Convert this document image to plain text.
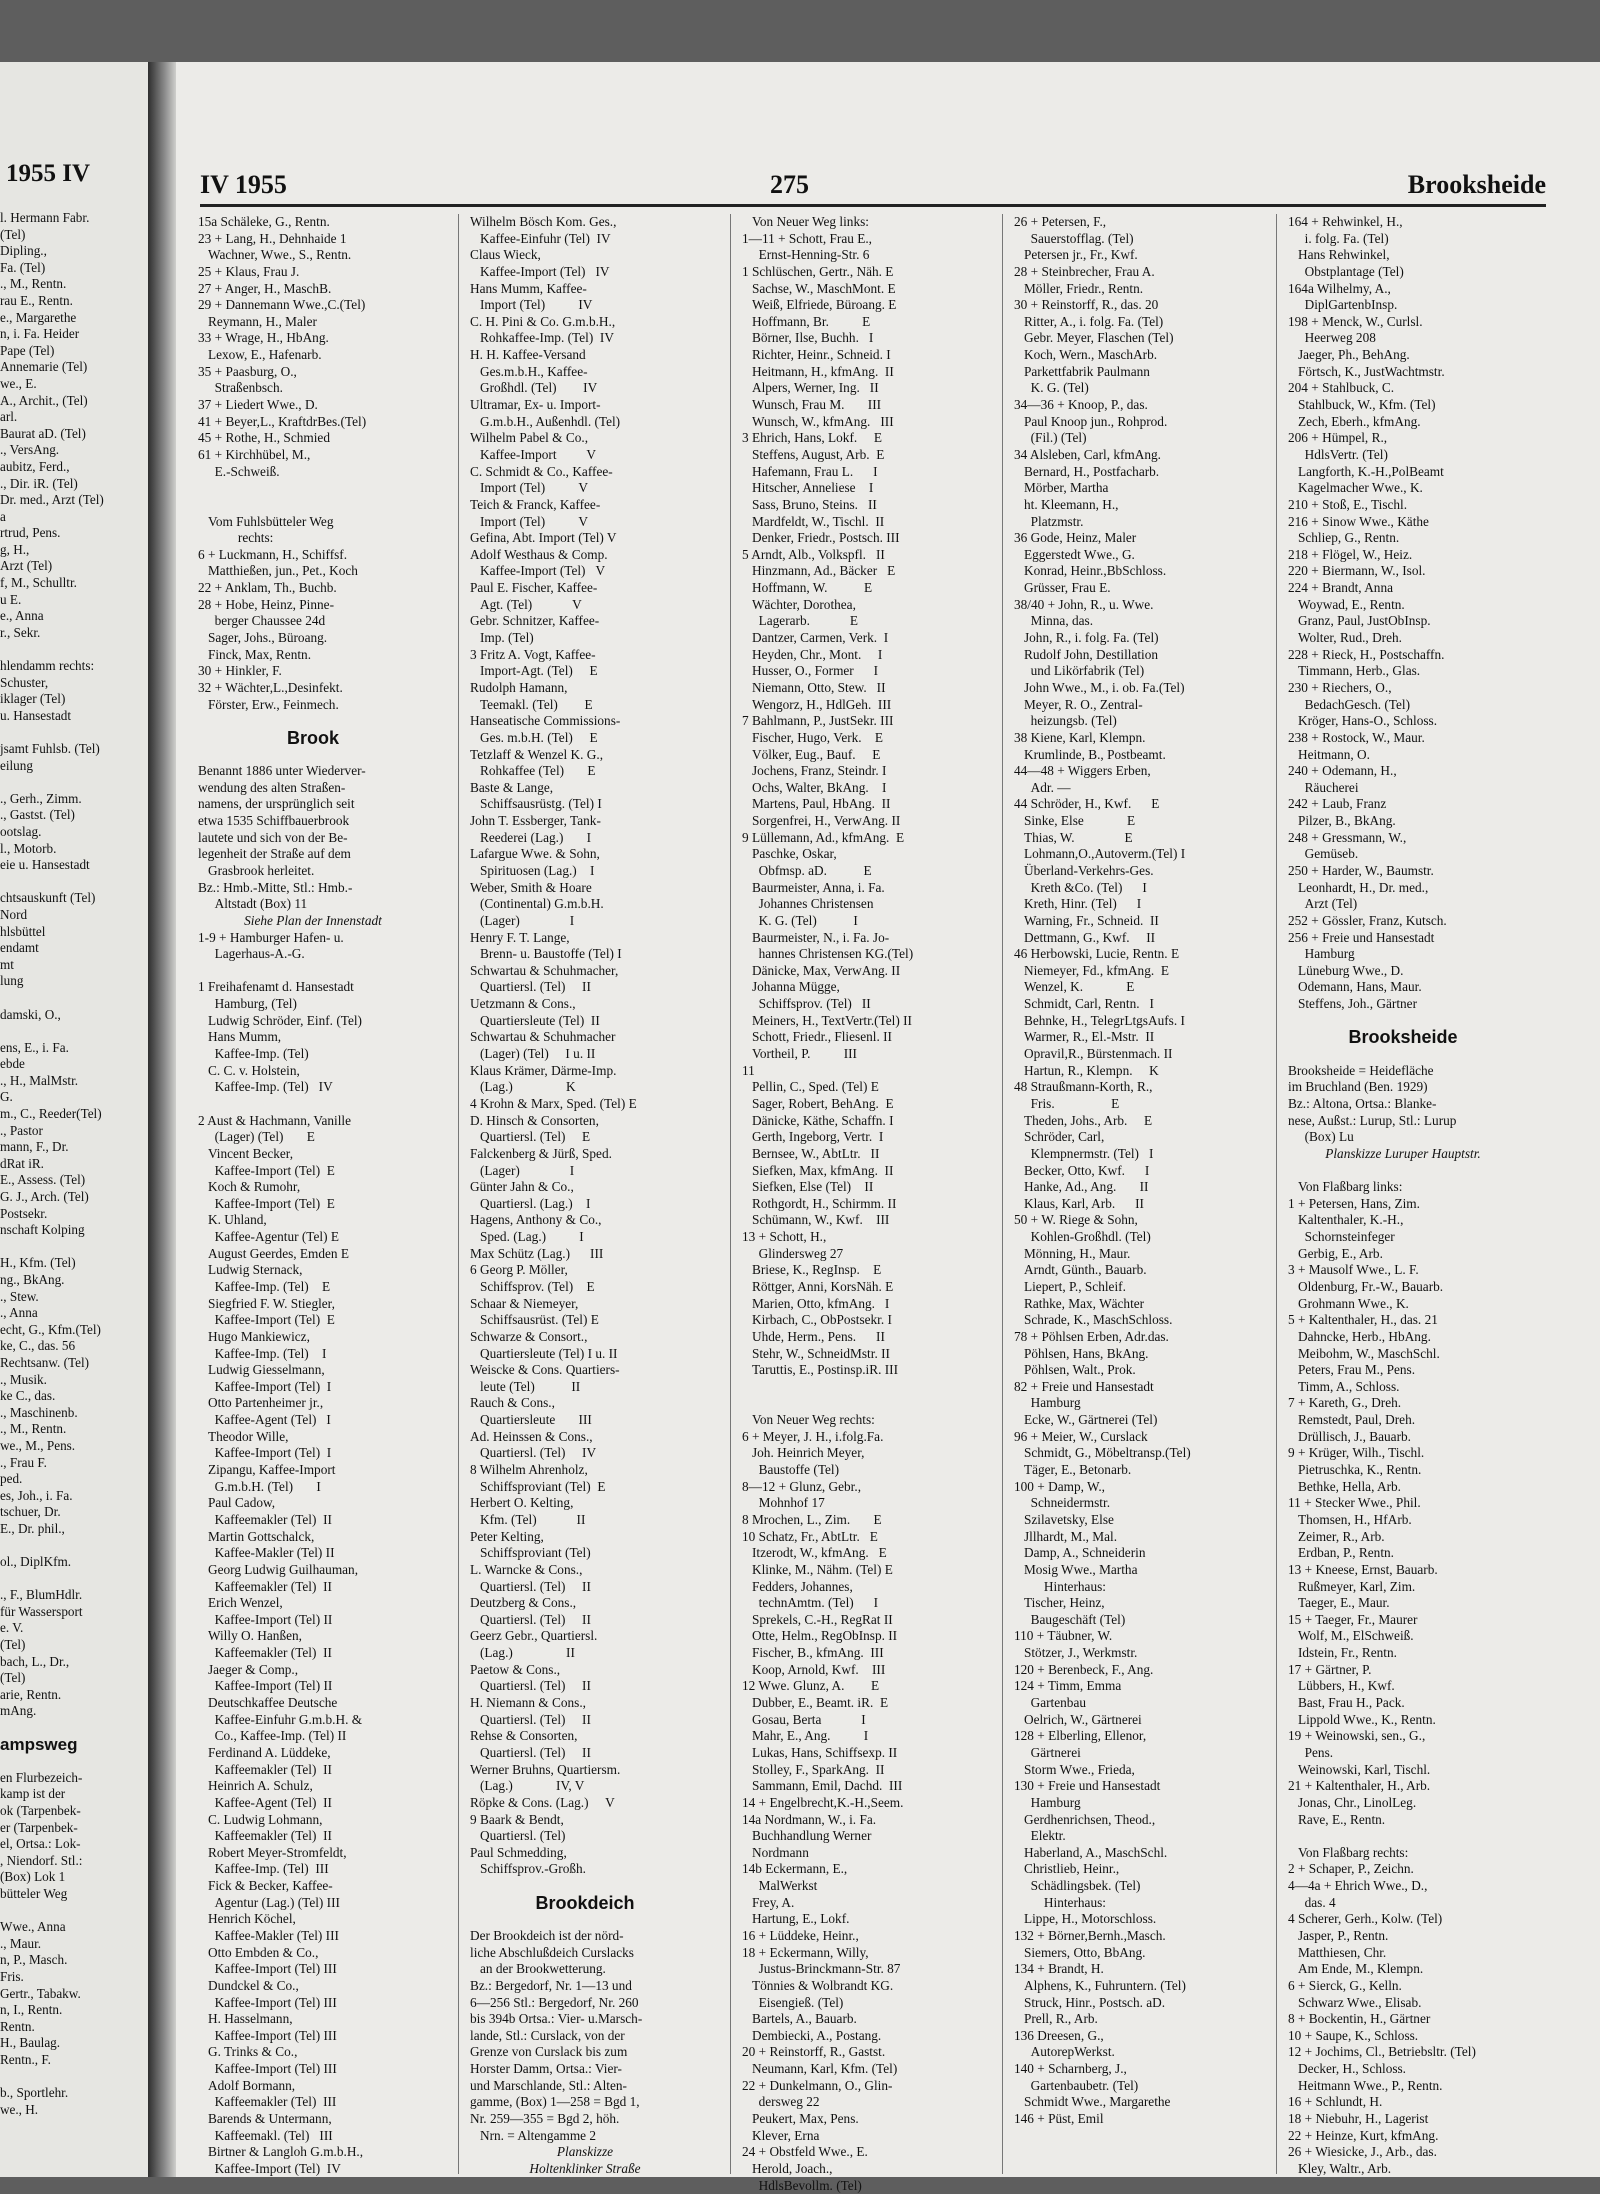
1955 IV
l. Hermann Fabr.
(Tel)
Dipling.,
Fa. (Tel)
., M., Rentn.
rau E., Rentn.
e., Margarethe
n, i. Fa. Heider
Pape (Tel)
Annemarie (Tel)
we., E.
A., Archit., (Tel)
arl.
Baurat aD. (Tel)
., VersAng.
aubitz, Ferd.,
., Dir. iR. (Tel)
Dr. med., Arzt (Tel)
a
rtrud, Pens.
g, H.,
Arzt (Tel)
f, M., Schulltr.
u E.
e., Anna
r., Sekr.
hlendamm rechts:
Schuster,
iklager (Tel)
u. Hansestadt
jsamt Fuhlsb. (Tel)
eilung
., Gerh., Zimm.
., Gastst. (Tel)
ootslag.
l., Motorb.
eie u. Hansestadt
chtsauskunft (Tel)
Nord
hlsbüttel
endamt
mt
lung
damski, O.,
ens, E., i. Fa.
ebde
., H., MalMstr.
G.
m., C., Reeder(Tel)
., Pastor
mann, F., Dr.
dRat iR.
E., Assess. (Tel)
G. J., Arch. (Tel)
Postsekr.
nschaft Kolping
H., Kfm. (Tel)
ng., BkAng.
., Stew.
., Anna
echt, G., Kfm.(Tel)
ke, C., das. 56
Rechtsanw. (Tel)
., Musik.
ke C., das.
., Maschinenb.
., M., Rentn.
we., M., Pens.
., Frau F.
ped.
es, Joh., i. Fa.
tschuer, Dr.
E., Dr. phil.,
ol., DiplKfm.
., F., BlumHdlr.
für Wassersport
e. V.
(Tel)
bach, L., Dr.,
(Tel)
arie, Rentn.
mAng.
ampsweg
en Flurbezeich-
kamp ist der
ok (Tarpenbek-
er (Tarpenbek-
el, Ortsa.: Lok-
, Niendorf. Stl.:
(Box) Lok 1
bütteler Weg
Wwe., Anna
., Maur.
n, P., Masch.
Fris.
Gertr., Tabakw.
n, I., Rentn.
Rentn.
H., Baulag.
Rentn., F.
b., Sportlehr.
we., H.
IV 1955	275	Brooksheide
15a Schäleke, G., Rentn.
23 + Lang, H., Dehnhaide 1
Wachner, Wwe., S., Rentn.
25 + Klaus, Frau J.
27 + Anger, H., MaschB.
29 + Dannemann Wwe.,C.(Tel)
Reymann, H., Maler
33 + Wrage, H., HbAng.
Lexow, E., Hafenarb.
35 + Paasburg, O.,
Straßenbsch.
37 + Liedert Wwe., D.
41 + Beyer,L., KraftdrBes.(Tel)
45 + Rothe, H., Schmied
61 + Kirchhübel, M.,
E.-Schweiß.
Vom Fuhlsbütteler Weg
rechts:
6 + Luckmann, H., Schiffsf.
Matthießen, jun., Pet., Koch
22 + Anklam, Th., Buchb.
28 + Hobe, Heinz, Pinne-
berger Chaussee 24d
Sager, Johs., Büroang.
Finck, Max, Rentn.
30 + Hinkler, F.
32 + Wächter,L.,Desinfekt.
Förster, Erw., Feinmech.
Brook
Benannt 1886 unter Wiederver-
wendung des alten Straßen-
namens, der ursprünglich seit
etwa 1535 Schiffbauerbrook
lautete und sich von der Be-
legenheit der Straße auf dem
Grasbrook herleitet.
Bz.: Hmb.-Mitte, Stl.: Hmb.-
Altstadt (Box) 11
Siehe Plan der Innenstadt
1-9 + Hamburger Hafen- u.
Lagerhaus-A.-G.
1 Freihafenamt d. Hansestadt
Hamburg, (Tel)
Ludwig Schröder, Einf. (Tel)
Hans Mumm,
Kaffee-Imp. (Tel)
C. C. v. Holstein,
Kaffee-Imp. (Tel)   IV
2 Aust & Hachmann, Vanille
(Lager) (Tel)       E
Vincent Becker,
Kaffee-Import (Tel)  E
Koch & Rumohr,
Kaffee-Import (Tel)  E
K. Uhland,
Kaffee-Agentur (Tel) E
August Geerdes, Emden E
Ludwig Sternack,
Kaffee-Imp. (Tel)    E
Siegfried F. W. Stiegler,
Kaffee-Import (Tel)  E
Hugo Mankiewicz,
Kaffee-Imp. (Tel)    I
Ludwig Giesselmann,
Kaffee-Import (Tel)  I
Otto Partenheimer jr.,
Kaffee-Agent (Tel)   I
Theodor Wille,
Kaffee-Import (Tel)  I
Zipangu, Kaffee-Import
G.m.b.H. (Tel)       I
Paul Cadow,
Kaffeemakler (Tel)  II
Martin Gottschalck,
Kaffee-Makler (Tel) II
Georg Ludwig Guilhauman,
Kaffeemakler (Tel)  II
Erich Wenzel,
Kaffee-Import (Tel) II
Willy O. Hanßen,
Kaffeemakler (Tel)  II
Jaeger & Comp.,
Kaffee-Import (Tel) II
Deutschkaffee Deutsche
Kaffee-Einfuhr G.m.b.H. &
Co., Kaffee-Imp. (Tel) II
Ferdinand A. Lüddeke,
Kaffeemakler (Tel)  II
Heinrich A. Schulz,
Kaffee-Agent (Tel)  II
C. Ludwig Lohmann,
Kaffeemakler (Tel)  II
Robert Meyer-Stromfeldt,
Kaffee-Imp. (Tel)  III
Fick & Becker, Kaffee-
Agentur (Lag.) (Tel) III
Henrich Köchel,
Kaffee-Makler (Tel) III
Otto Embden & Co.,
Kaffee-Import (Tel) III
Dundckel & Co.,
Kaffee-Import (Tel) III
H. Hasselmann,
Kaffee-Import (Tel) III
G. Trinks & Co.,
Kaffee-Import (Tel) III
Adolf Bormann,
Kaffeemakler (Tel)  III
Barends & Untermann,
Kaffeemakl. (Tel)   III
Birtner & Langloh G.m.b.H.,
Kaffee-Import (Tel)  IV
Wilhelm Bösch Kom. Ges.,
Kaffee-Einfuhr (Tel)  IV
Claus Wieck,
Kaffee-Import (Tel)   IV
Hans Mumm, Kaffee-
Import (Tel)          IV
C. H. Pini & Co. G.m.b.H.,
Rohkaffee-Imp. (Tel)  IV
H. H. Kaffee-Versand
Ges.m.b.H., Kaffee-
Großhdl. (Tel)        IV
Ultramar, Ex- u. Import-
G.m.b.H., Außenhdl. (Tel)
Wilhelm Pabel & Co.,
Kaffee-Import         V
C. Schmidt & Co., Kaffee-
Import (Tel)          V
Teich & Franck, Kaffee-
Import (Tel)          V
Gefina, Abt. Import (Tel) V
Adolf Westhaus & Comp.
Kaffee-Import (Tel)   V
Paul E. Fischer, Kaffee-
Agt. (Tel)            V
Gebr. Schnitzer, Kaffee-
Imp. (Tel)
3 Fritz A. Vogt, Kaffee-
Import-Agt. (Tel)     E
Rudolph Hamann,
Teemakl. (Tel)        E
Hanseatische Commissions-
Ges. m.b.H. (Tel)     E
Tetzlaff & Wenzel K. G.,
Rohkaffee (Tel)       E
Baste & Lange,
Schiffsausrüstg. (Tel) I
John T. Essberger, Tank-
Reederei (Lag.)       I
Lafargue Wwe. & Sohn,
Spirituosen (Lag.)    I
Weber, Smith & Hoare
(Continental) G.m.b.H.
(Lager)               I
Henry F. T. Lange,
Brenn- u. Baustoffe (Tel) I
Schwartau & Schuhmacher,
Quartiersl. (Tel)     II
Uetzmann & Cons.,
Quartiersleute (Tel)  II
Schwartau & Schuhmacher
(Lager) (Tel)     I u. II
Klaus Krämer, Därme-Imp.
(Lag.)                K
4 Krohn & Marx, Sped. (Tel) E
D. Hinsch & Consorten,
Quartiersl. (Tel)     E
Falckenberg & Jürß, Sped.
(Lager)               I
Günter Jahn & Co.,
Quartiersl. (Lag.)    I
Hagens, Anthony & Co.,
Sped. (Lag.)          I
Max Schütz (Lag.)      III
6 Georg P. Möller,
Schiffsprov. (Tel)    E
Schaar & Niemeyer,
Schiffsausrüst. (Tel) E
Schwarze & Consort.,
Quartiersleute (Tel) I u. II
Weiscke & Cons. Quartiers-
leute (Tel)           II
Rauch & Cons.,
Quartiersleute       III
Ad. Heinssen & Cons.,
Quartiersl. (Tel)     IV
8 Wilhelm Ahrenholz,
Schiffsproviant (Tel)  E
Herbert O. Kelting,
Kfm. (Tel)            II
Peter Kelting,
Schiffsproviant (Tel)
L. Warncke & Cons.,
Quartiersl. (Tel)     II
Deutzberg & Cons.,
Quartiersl. (Tel)     II
Geerz Gebr., Quartiersl.
(Lag.)                II
Paetow & Cons.,
Quartiersl. (Tel)     II
H. Niemann & Cons.,
Quartiersl. (Tel)     II
Rehse & Consorten,
Quartiersl. (Tel)     II
Werner Bruhns, Quartiersm.
(Lag.)             IV, V
Röpke & Cons. (Lag.)     V
9 Baark & Bendt,
Quartiersl. (Tel)
Paul Schmedding,
Schiffsprov.-Großh.
Brookdeich
Der Brookdeich ist der nörd-
liche Abschlußdeich Curslacks
an der Brookwetterung.
Bz.: Bergedorf, Nr. 1—13 und
6—256 Stl.: Bergedorf, Nr. 260
bis 394b Ortsa.: Vier- u.Marsch-
lande, Stl.: Curslack, von der
Grenze von Curslack bis zum
Horster Damm, Ortsa.: Vier-
und Marschlande, Stl.: Alten-
gamme, (Box) 1—258 = Bgd 1,
Nr. 259—355 = Bgd 2, höh.
Nrn. = Altengamme 2
Planskizze
Holtenklinker Straße
Von Neuer Weg links:
1—11 + Schott, Frau E.,
Ernst-Henning-Str. 6
1 Schlüschen, Gertr., Näh. E
Sachse, W., MaschMont. E
Weiß, Elfriede, Büroang. E
Hoffmann, Br.          E
Börner, Ilse, Buchh.   I
Richter, Heinr., Schneid. I
Heitmann, H., kfmAng.  II
Alpers, Werner, Ing.   II
Wunsch, Frau M.       III
Wunsch, W., kfmAng.   III
3 Ehrich, Hans, Lokf.     E
Steffens, August, Arb.  E
Hafemann, Frau L.      I
Hitscher, Anneliese    I
Sass, Bruno, Steins.   II
Mardfeldt, W., Tischl.  II
Denker, Friedr., Postsch. III
5 Arndt, Alb., Volkspfl.   II
Hinzmann, Ad., Bäcker   E
Hoffmann, W.           E
Wächter, Dorothea,
Lagerarb.            E
Dantzer, Carmen, Verk.  I
Heyden, Chr., Mont.     I
Husser, O., Former      I
Niemann, Otto, Stew.   II
Wengorz, H., HdlGeh.  III
7 Bahlmann, P., JustSekr. III
Fischer, Hugo, Verk.    E
Völker, Eug., Bauf.     E
Jochens, Franz, Steindr. I
Ochs, Walter, BkAng.    I
Martens, Paul, HbAng.  II
Sorgenfrei, H., VerwAng. II
9 Lüllemann, Ad., kfmAng.  E
Paschke, Oskar,
Obfmsp. aD.           E
Baurmeister, Anna, i. Fa.
Johannes Christensen
K. G. (Tel)           I
Baurmeister, N., i. Fa. Jo-
hannes Christensen KG.(Tel)
Dänicke, Max, VerwAng. II
Johanna Mügge,
Schiffsprov. (Tel)   II
Meiners, H., TextVertr.(Tel) II
Schott, Friedr., Fliesenl. II
Vortheil, P.          III
11
Pellin, C., Sped. (Tel) E
Sager, Robert, BehAng.  E
Dänicke, Käthe, Schaffn. I
Gerth, Ingeborg, Vertr.  I
Bernsee, W., AbtLtr.   II
Siefken, Max, kfmAng.  II
Siefken, Else (Tel)    II
Rothgordt, H., Schirmm. II
Schümann, W., Kwf.    III
13 + Schott, H.,
Glindersweg 27
Briese, K., RegInsp.    E
Röttger, Anni, KorsNäh. E
Marien, Otto, kfmAng.   I
Kirbach, C., ObPostsekr. I
Uhde, Herm., Pens.      II
Stehr, W., SchneidMstr. II
Taruttis, E., Postinsp.iR. III
Von Neuer Weg rechts:
6 + Meyer, J. H., i.folg.Fa.
Joh. Heinrich Meyer,
Baustoffe (Tel)
8—12 + Glunz, Gebr.,
Mohnhof 17
8 Mrochen, L., Zim.       E
10 Schatz, Fr., AbtLtr.   E
Itzerodt, W., kfmAng.   E
Klinke, M., Nähm. (Tel) E
Fedders, Johannes,
technAmtm. (Tel)      I
Sprekels, C.-H., RegRat II
Otte, Helm., RegObInsp. II
Fischer, B., kfmAng.  III
Koop, Arnold, Kwf.    III
12 Wwe. Glunz, A.        E
Dubber, E., Beamt. iR.  E
Gosau, Berta            I
Mahr, E., Ang.          I
Lukas, Hans, Schiffsexp. II
Stolley, F., SparkAng.  II
Sammann, Emil, Dachd.  III
14 + Engelbrecht,K.-H.,Seem.
14a Nordmann, W., i. Fa.
Buchhandlung Werner
Nordmann
14b Eckermann, E.,
MalWerkst
Frey, A.
Hartung, E., Lokf.
16 + Lüddeke, Heinr.,
18 + Eckermann, Willy,
Justus-Brinckmann-Str. 87
Tönnies & Wolbrandt KG.
Eisengieß. (Tel)
Bartels, A., Bauarb.
Dembiecki, A., Postang.
20 + Reinstorff, R., Gastst.
Neumann, Karl, Kfm. (Tel)
22 + Dunkelmann, O., Glin-
dersweg 22
Peukert, Max, Pens.
Klever, Erna
24 + Obstfeld Wwe., E.
Herold, Joach.,
HdlsBevollm. (Tel)
26 + Petersen, F.,
Sauerstofflag. (Tel)
Petersen jr., Fr., Kwf.
28 + Steinbrecher, Frau A.
Möller, Friedr., Rentn.
30 + Reinstorff, R., das. 20
Ritter, A., i. folg. Fa. (Tel)
Gebr. Meyer, Flaschen (Tel)
Koch, Wern., MaschArb.
Parkettfabrik Paulmann
K. G. (Tel)
34—36 + Knoop, P., das.
Paul Knoop jun., Rohprod.
(Fil.) (Tel)
34 Alsleben, Carl, kfmAng.
Bernard, H., Postfacharb.
Mörber, Martha
ht. Kleemann, H.,
Platzmstr.
36 Gode, Heinz, Maler
Eggerstedt Wwe., G.
Konrad, Heinr.,BbSchloss.
Grüsser, Frau E.
38/40 + John, R., u. Wwe.
Minna, das.
John, R., i. folg. Fa. (Tel)
Rudolf John, Destillation
und Likörfabrik (Tel)
John Wwe., M., i. ob. Fa.(Tel)
Meyer, R. O., Zentral-
heizungsb. (Tel)
38 Kiene, Karl, Klempn.
Krumlinde, B., Postbeamt.
44—48 + Wiggers Erben,
Adr. —
44 Schröder, H., Kwf.      E
Sinke, Else             E
Thias, W.               E
Lohmann,O.,Autoverm.(Tel) I
Überland-Verkehrs-Ges.
Kreth &Co. (Tel)      I
Kreth, Hinr. (Tel)      I
Warning, Fr., Schneid.  II
Dettmann, G., Kwf.     II
46 Herbowski, Lucie, Rentn. E
Niemeyer, Fd., kfmAng.  E
Wenzel, K.             E
Schmidt, Carl, Rentn.   I
Behnke, H., TelegrLtgsAufs. I
Warmer, R., El.-Mstr.  II
Opravil,R., Bürstenmach. II
Hartun, R., Klempn.     K
48 Straußmann-Korth, R.,
Fris.                 E
Theden, Johs., Arb.     E
Schröder, Carl,
Klempnermstr. (Tel)   I
Becker, Otto, Kwf.      I
Hanke, Ad., Ang.       II
Klaus, Karl, Arb.      II
50 + W. Riege & Sohn,
Kohlen-Großhdl. (Tel)
Mönning, H., Maur.
Arndt, Günth., Bauarb.
Liepert, P., Schleif.
Rathke, Max, Wächter
Schrade, K., MaschSchloss.
78 + Pöhlsen Erben, Adr.das.
Pöhlsen, Hans, BkAng.
Pöhlsen, Walt., Prok.
82 + Freie und Hansestadt
Hamburg
Ecke, W., Gärtnerei (Tel)
96 + Meier, W., Curslack
Schmidt, G., Möbeltransp.(Tel)
Täger, E., Betonarb.
100 + Damp, W.,
Schneidermstr.
Szilavetsky, Else
Jllhardt, M., Mal.
Damp, A., Schneiderin
Mosig Wwe., Martha
Hinterhaus:
Tischer, Heinz,
Baugeschäft (Tel)
110 + Täubner, W.
Stötzer, J., Werkmstr.
120 + Berenbeck, F., Ang.
124 + Timm, Emma
Gartenbau
Oelrich, W., Gärtnerei
128 + Elberling, Ellenor,
Gärtnerei
Storm Wwe., Frieda,
130 + Freie und Hansestadt
Hamburg
Gerdhenrichsen, Theod.,
Elektr.
Haberland, A., MaschSchl.
Christlieb, Heinr.,
Schädlingsbek. (Tel)
Hinterhaus:
Lippe, H., Motorschloss.
132 + Börner,Bernh.,Masch.
Siemers, Otto, BbAng.
134 + Brandt, H.
Alphens, K., Fuhruntern. (Tel)
Struck, Hinr., Postsch. aD.
Prell, R., Arb.
136 Dreesen, G.,
AutorepWerkst.
140 + Scharnberg, J.,
Gartenbaubetr. (Tel)
Schmidt Wwe., Margarethe
146 + Püst, Emil
164 + Rehwinkel, H.,
i. folg. Fa. (Tel)
Hans Rehwinkel,
Obstplantage (Tel)
164a Wilhelmy, A.,
DiplGartenbInsp.
198 + Menck, W., Curlsl.
Heerweg 208
Jaeger, Ph., BehAng.
Förtsch, K., JustWachtmstr.
204 + Stahlbuck, C.
Stahlbuck, W., Kfm. (Tel)
Zech, Eberh., kfmAng.
206 + Hümpel, R.,
HdlsVertr. (Tel)
Langforth, K.-H.,PolBeamt
Kagelmacher Wwe., K.
210 + Stoß, E., Tischl.
216 + Sinow Wwe., Käthe
Schliep, G., Rentn.
218 + Flögel, W., Heiz.
220 + Biermann, W., Isol.
224 + Brandt, Anna
Woywad, E., Rentn.
Granz, Paul, JustObInsp.
Wolter, Rud., Dreh.
228 + Rieck, H., Postschaffn.
Timmann, Herb., Glas.
230 + Riechers, O.,
BedachGesch. (Tel)
Kröger, Hans-O., Schloss.
238 + Rostock, W., Maur.
Heitmann, O.
240 + Odemann, H.,
Räucherei
242 + Laub, Franz
Pilzer, B., BkAng.
248 + Gressmann, W.,
Gemüseb.
250 + Harder, W., Baumstr.
Leonhardt, H., Dr. med.,
Arzt (Tel)
252 + Gössler, Franz, Kutsch.
256 + Freie und Hansestadt
Hamburg
Lüneburg Wwe., D.
Odemann, Hans, Maur.
Steffens, Joh., Gärtner
Brooksheide
Brooksheide = Heidefläche
im Bruchland (Ben. 1929)
Bz.: Altona, Ortsa.: Blanke-
nese, Außst.: Lurup, Stl.: Lurup
(Box) Lu
Planskizze Luruper Hauptstr.
Von Flaßbarg links:
1 + Petersen, Hans, Zim.
Kaltenthaler, K.-H.,
Schornsteinfeger
Gerbig, E., Arb.
3 + Mausolf Wwe., L. F.
Oldenburg, Fr.-W., Bauarb.
Grohmann Wwe., K.
5 + Kaltenthaler, H., das. 21
Dahncke, Herb., HbAng.
Meibohm, W., MaschSchl.
Peters, Frau M., Pens.
Timm, A., Schloss.
7 + Kareth, G., Dreh.
Remstedt, Paul, Dreh.
Drüllisch, J., Bauarb.
9 + Krüger, Wilh., Tischl.
Pietruschka, K., Rentn.
Bethke, Hella, Arb.
11 + Stecker Wwe., Phil.
Thomsen, H., HfArb.
Zeimer, R., Arb.
Erdban, P., Rentn.
13 + Kneese, Ernst, Bauarb.
Rußmeyer, Karl, Zim.
Taeger, E., Maur.
15 + Taeger, Fr., Maurer
Wolf, M., ElSchweiß.
Idstein, Fr., Rentn.
17 + Gärtner, P.
Lübbers, H., Kwf.
Bast, Frau H., Pack.
Lippold Wwe., K., Rentn.
19 + Weinowski, sen., G.,
Pens.
Weinowski, Karl, Tischl.
21 + Kaltenthaler, H., Arb.
Jonas, Chr., LinolLeg.
Rave, E., Rentn.
Von Flaßbarg rechts:
2 + Schaper, P., Zeichn.
4—4a + Ehrich Wwe., D.,
das. 4
4 Scherer, Gerh., Kolw. (Tel)
Jasper, P., Rentn.
Matthiesen, Chr.
Am Ende, M., Klempn.
6 + Sierck, G., Kelln.
Schwarz Wwe., Elisab.
8 + Bockentin, H., Gärtner
10 + Saupe, K., Schloss.
12 + Jochims, Cl., Betriebsltr. (Tel)
Decker, H., Schloss.
Heitmann Wwe., P., Rentn.
16 + Schlundt, H.
18 + Niebuhr, H., Lagerist
22 + Heinze, Kurt, kfmAng.
26 + Wiesicke, J., Arb., das.
Kley, Waltr., Arb.
